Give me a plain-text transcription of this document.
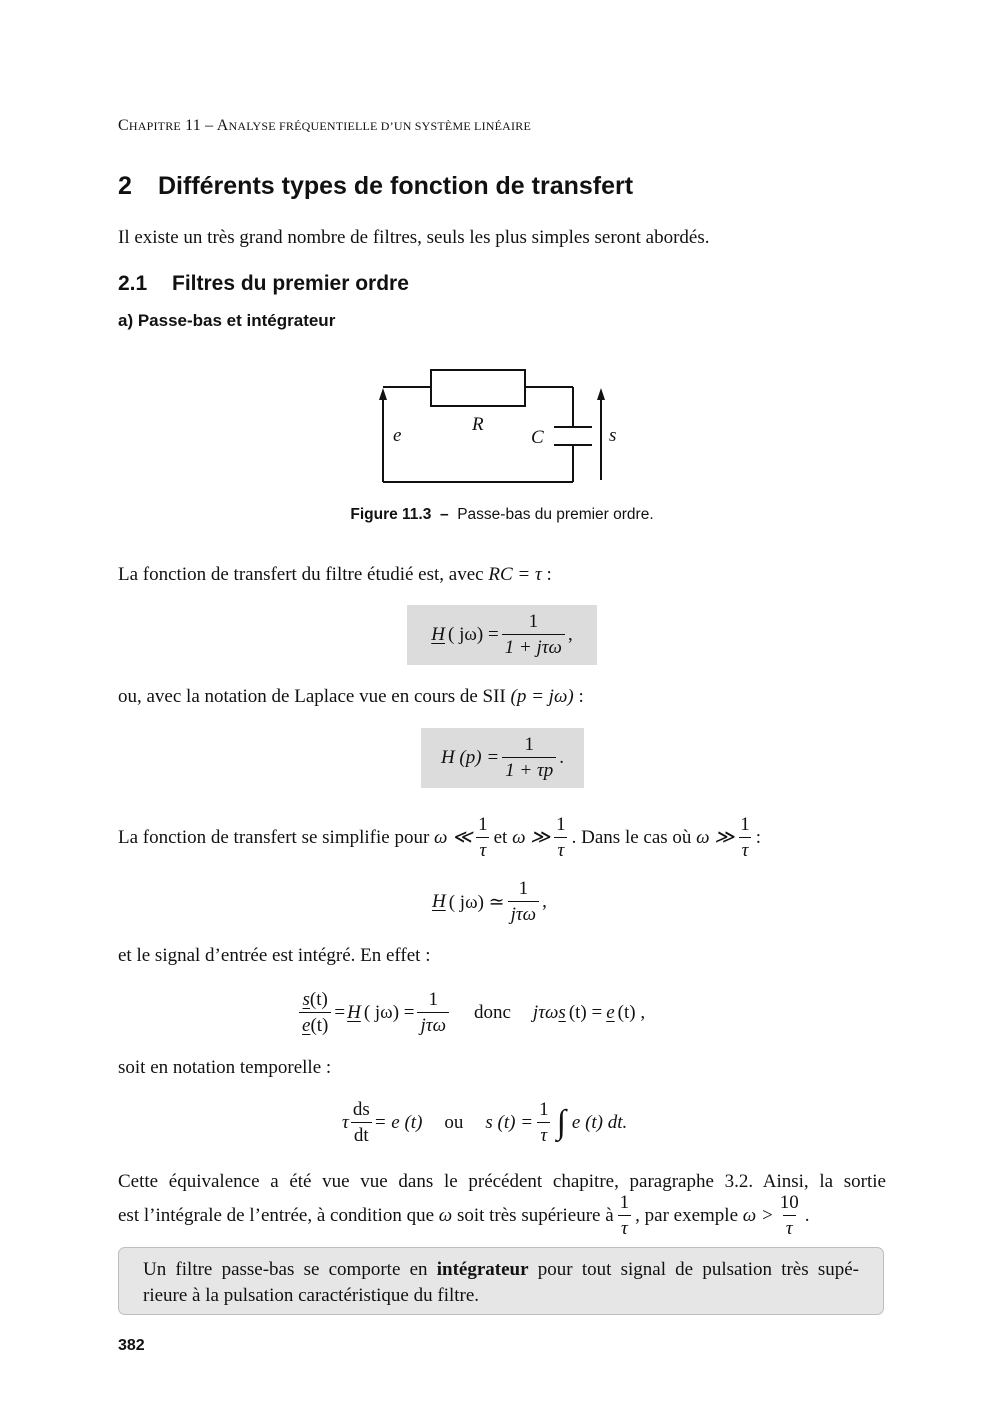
CHAPITRE 11 – ANALYSE FRÉQUENTIELLE D’UN SYSTÈME LINÉAIRE
2 Différents types de fonction de transfert
Il existe un très grand nombre de filtres, seuls les plus simples seront abordés.
2.1 Filtres du premier ordre
a) Passe-bas et intégrateur
e
R
C	s
Figure 11.3 – Passe-bas du premier ordre.
La fonction de transfert du filtre étudié est, avec RC = τ :
H ( $j\omega) = \frac{1}{\text{1 + jτω}}$ ,
ou, avec la notation de Laplace vue en cours de SII (p = jω) :
H $(p) = \frac{1}{1 + \tau p}$ .
La fonction de transfert se simplifie pour
ω ≪ $\frac{1}{\tau}$ et
ω ≫ $\frac{1}{\tau}$ . Dans le cas où
ω ≫ $\frac{1}{\tau}$ :
H ( jω) ≃ $\frac{1}{\text{jτω}}$ ,
et le signal d’entrée est intégré. En effet :
$\frac{s(t)}{e(t)} = H$ ( $j\omega) = \frac{1}{\text{jτω}}$ donc jτω s (t) = e (t) ,
soit en notation temporelle :
τ $\frac{ds}{dt} = e$ (t) ou s $(t) = \frac{1}{\tau}$ ∫ e (t) dt.
Cette équivalence a été vue vue dans le précédent chapitre, paragraphe 3.2. Ainsi, la sortie
est l’intégrale de l’entrée, à condition que
ω
soit très supérieure à $\frac{1}{\tau}$ , par exemple
$\omega > \frac{10}{\tau}$ .
Un filtre passe-bas se comporte en intégrateur pour tout signal de pulsation très supé-
rieure à la pulsation caractéristique du filtre.
382
